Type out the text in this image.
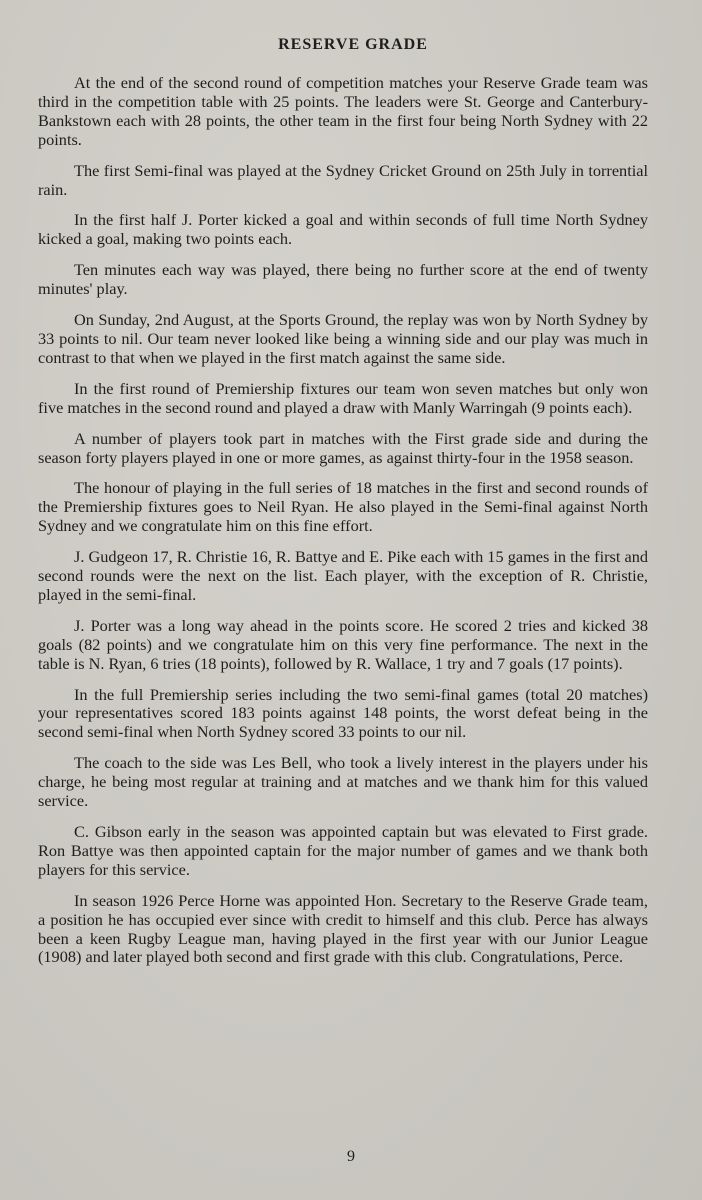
RESERVE GRADE

At the end of the second round of competition matches your Reserve Grade team was third in the competition table with 25 points. The leaders were St. George and Canterbury-Bankstown each with 28 points, the other team in the first four being North Sydney with 22 points.

The first Semi-final was played at the Sydney Cricket Ground on 25th July in torrential rain.

In the first half J. Porter kicked a goal and within seconds of full time North Sydney kicked a goal, making two points each.

Ten minutes each way was played, there being no further score at the end of twenty minutes' play.

On Sunday, 2nd August, at the Sports Ground, the replay was won by North Sydney by 33 points to nil. Our team never looked like being a winning side and our play was much in contrast to that when we played in the first match against the same side.

In the first round of Premiership fixtures our team won seven matches but only won five matches in the second round and played a draw with Manly Warringah (9 points each).

A number of players took part in matches with the First grade side and during the season forty players played in one or more games, as against thirty-four in the 1958 season.

The honour of playing in the full series of 18 matches in the first and second rounds of the Premiership fixtures goes to Neil Ryan. He also played in the Semi-final against North Sydney and we congratulate him on this fine effort.

J. Gudgeon 17, R. Christie 16, R. Battye and E. Pike each with 15 games in the first and second rounds were the next on the list. Each player, with the exception of R. Christie, played in the semi-final.

J. Porter was a long way ahead in the points score. He scored 2 tries and kicked 38 goals (82 points) and we congratulate him on this very fine performance. The next in the table is N. Ryan, 6 tries (18 points), followed by R. Wallace, 1 try and 7 goals (17 points).

In the full Premiership series including the two semi-final games (total 20 matches) your representatives scored 183 points against 148 points, the worst defeat being in the second semi-final when North Sydney scored 33 points to our nil.

The coach to the side was Les Bell, who took a lively interest in the players under his charge, he being most regular at training and at matches and we thank him for this valued service.

C. Gibson early in the season was appointed captain but was elevated to First grade. Ron Battye was then appointed captain for the major number of games and we thank both players for this service.

In season 1926 Perce Horne was appointed Hon. Secretary to the Reserve Grade team, a position he has occupied ever since with credit to himself and this club. Perce has always been a keen Rugby League man, having played in the first year with our Junior League (1908) and later played both second and first grade with this club. Congratulations, Perce.

9
